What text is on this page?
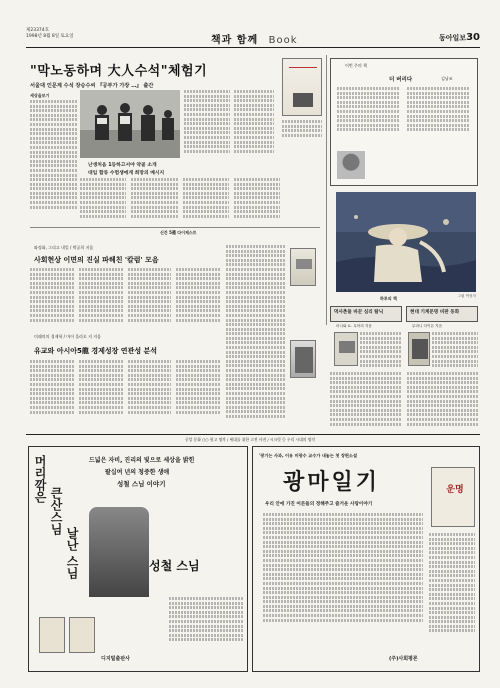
제23374호
1998년 8월 8일 토요일	책과 함께 Book	동아일보30
"막노동하며 大人수석"체험기
서울대 인문계 수석 장승수씨 『공부가 가장 …』 출간
세상을보기
난생처음 1등하고서야 약골 소개
대입 합류 수험생에게 희망의 메시지
이번 주의 책
더 버리다	김남조
그림 여성자
신간 5選 다이제스트
와정화, 그리고 내일 / 박공희 지음
사회현상 이면의 진실 파헤친 '칼럼' 모음
미래의의 경제학 / 마이 올라오 지 지음
유교와 아시아5龍 경제성장 연관성 분석
하루의 책
먹사촌들 바꾼 심리 탐닉
마니와 요. 무어의 지음
현대 기계문명 비판 동화
무라니 다이몬 지음
중앙 문화 ○○ 원고 명작 / 세대를 위한 고전 사전 / 시크릿 등 우리 시대의 명작
드넓은 자비, 진리의 빛으로 세상을 밝힌
팔십여 년의 청중한 생애
성철 스님 이야기
머리깎은
큰산스님
날난 스님	성철 스님
디지털출판사
'광기는 사과, 이유 미광수 교수가 내놓는 첫 장편소설
광마일기	운명
우리 안에 가진 어른들의 정해주고 즐거운 사랑이야기
(주)사회평론
